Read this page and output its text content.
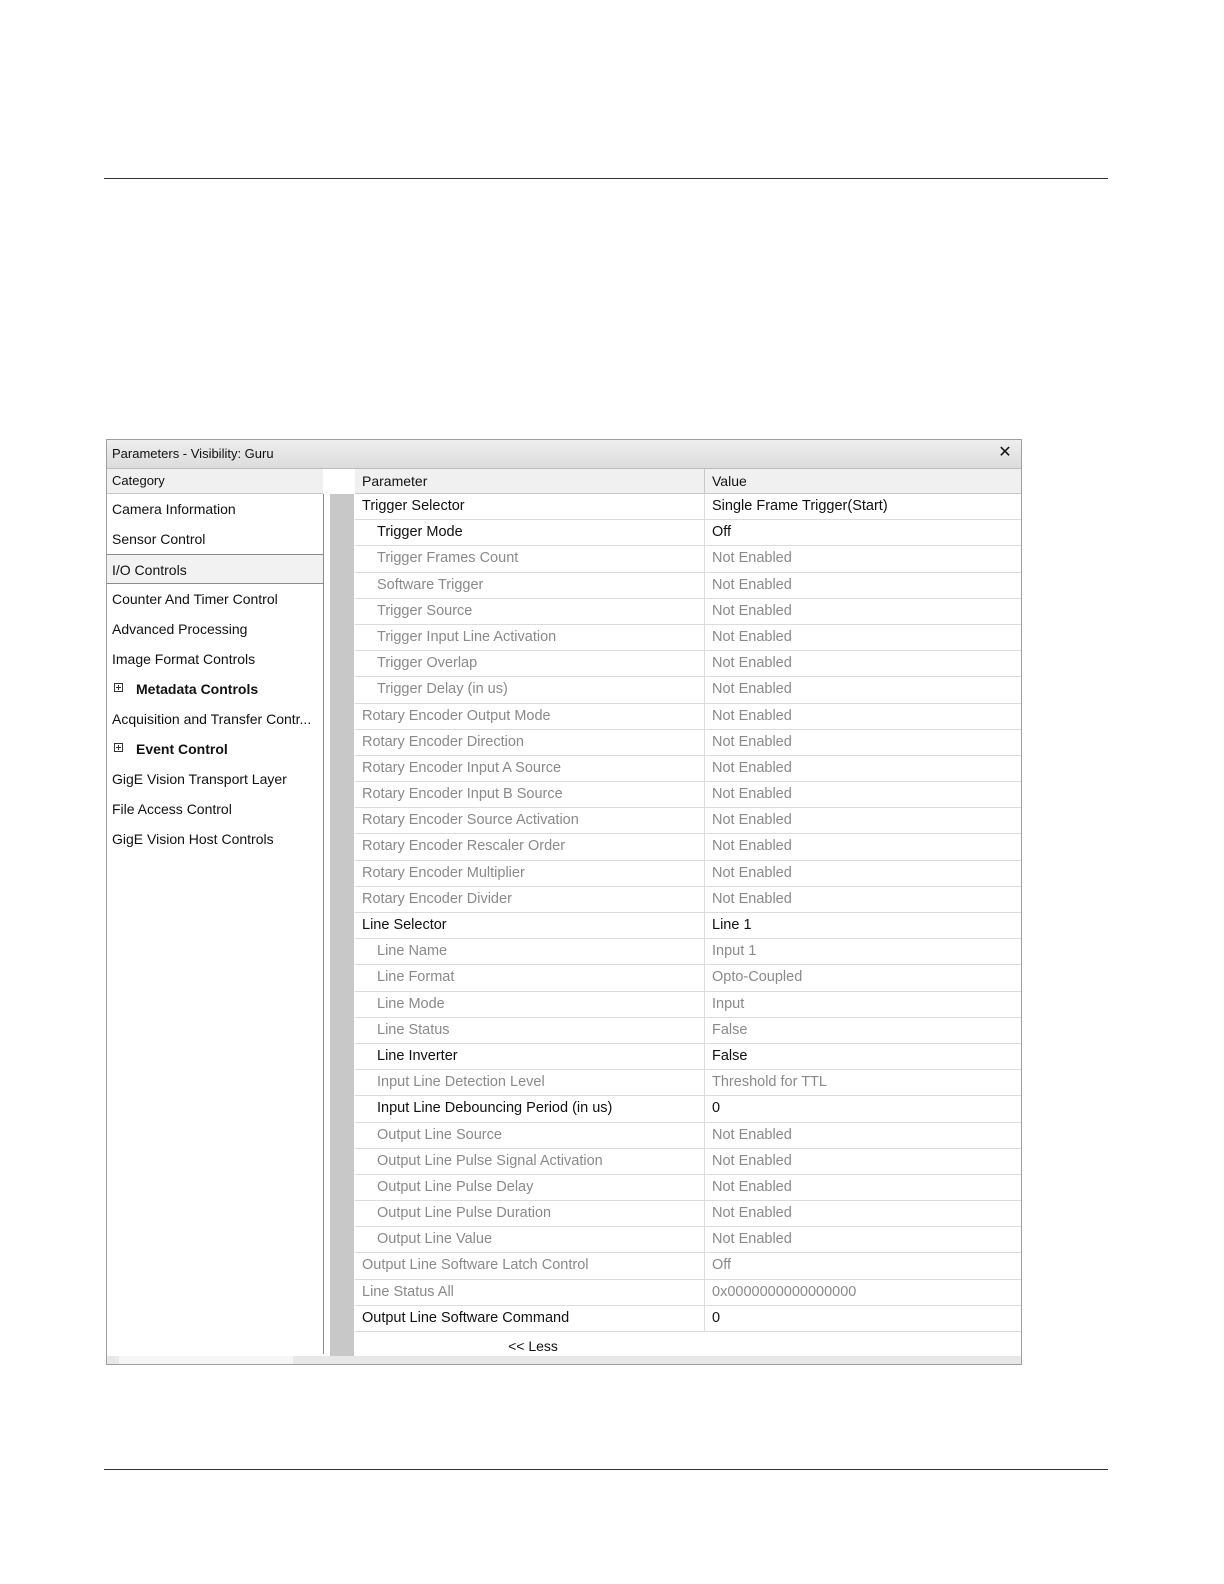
Parameters - Visibility: Guru	✕
Category
Camera Information
Sensor Control
I/O Controls
Counter And Timer Control
Advanced Processing
Image Format Controls
Metadata Controls
Acquisition and Transfer Contr...
Event Control
GigE Vision Transport Layer
File Access Control
GigE Vision Host Controls
Parameter	Value
Trigger Selector	Single Frame Trigger(Start)
Trigger Mode	Off
Trigger Frames Count	Not Enabled
Software Trigger	Not Enabled
Trigger Source	Not Enabled
Trigger Input Line Activation	Not Enabled
Trigger Overlap	Not Enabled
Trigger Delay (in us)	Not Enabled
Rotary Encoder Output Mode	Not Enabled
Rotary Encoder Direction	Not Enabled
Rotary Encoder Input A Source	Not Enabled
Rotary Encoder Input B Source	Not Enabled
Rotary Encoder Source Activation	Not Enabled
Rotary Encoder Rescaler Order	Not Enabled
Rotary Encoder Multiplier	Not Enabled
Rotary Encoder Divider	Not Enabled
Line Selector	Line 1
Line Name	Input 1
Line Format	Opto-Coupled
Line Mode	Input
Line Status	False
Line Inverter	False
Input Line Detection Level	Threshold for TTL
Input Line Debouncing Period (in us)	0
Output Line Source	Not Enabled
Output Line Pulse Signal Activation	Not Enabled
Output Line Pulse Delay	Not Enabled
Output Line Pulse Duration	Not Enabled
Output Line Value	Not Enabled
Output Line Software Latch Control	Off
Line Status All	0x0000000000000000
Output Line Software Command	0
<< Less
